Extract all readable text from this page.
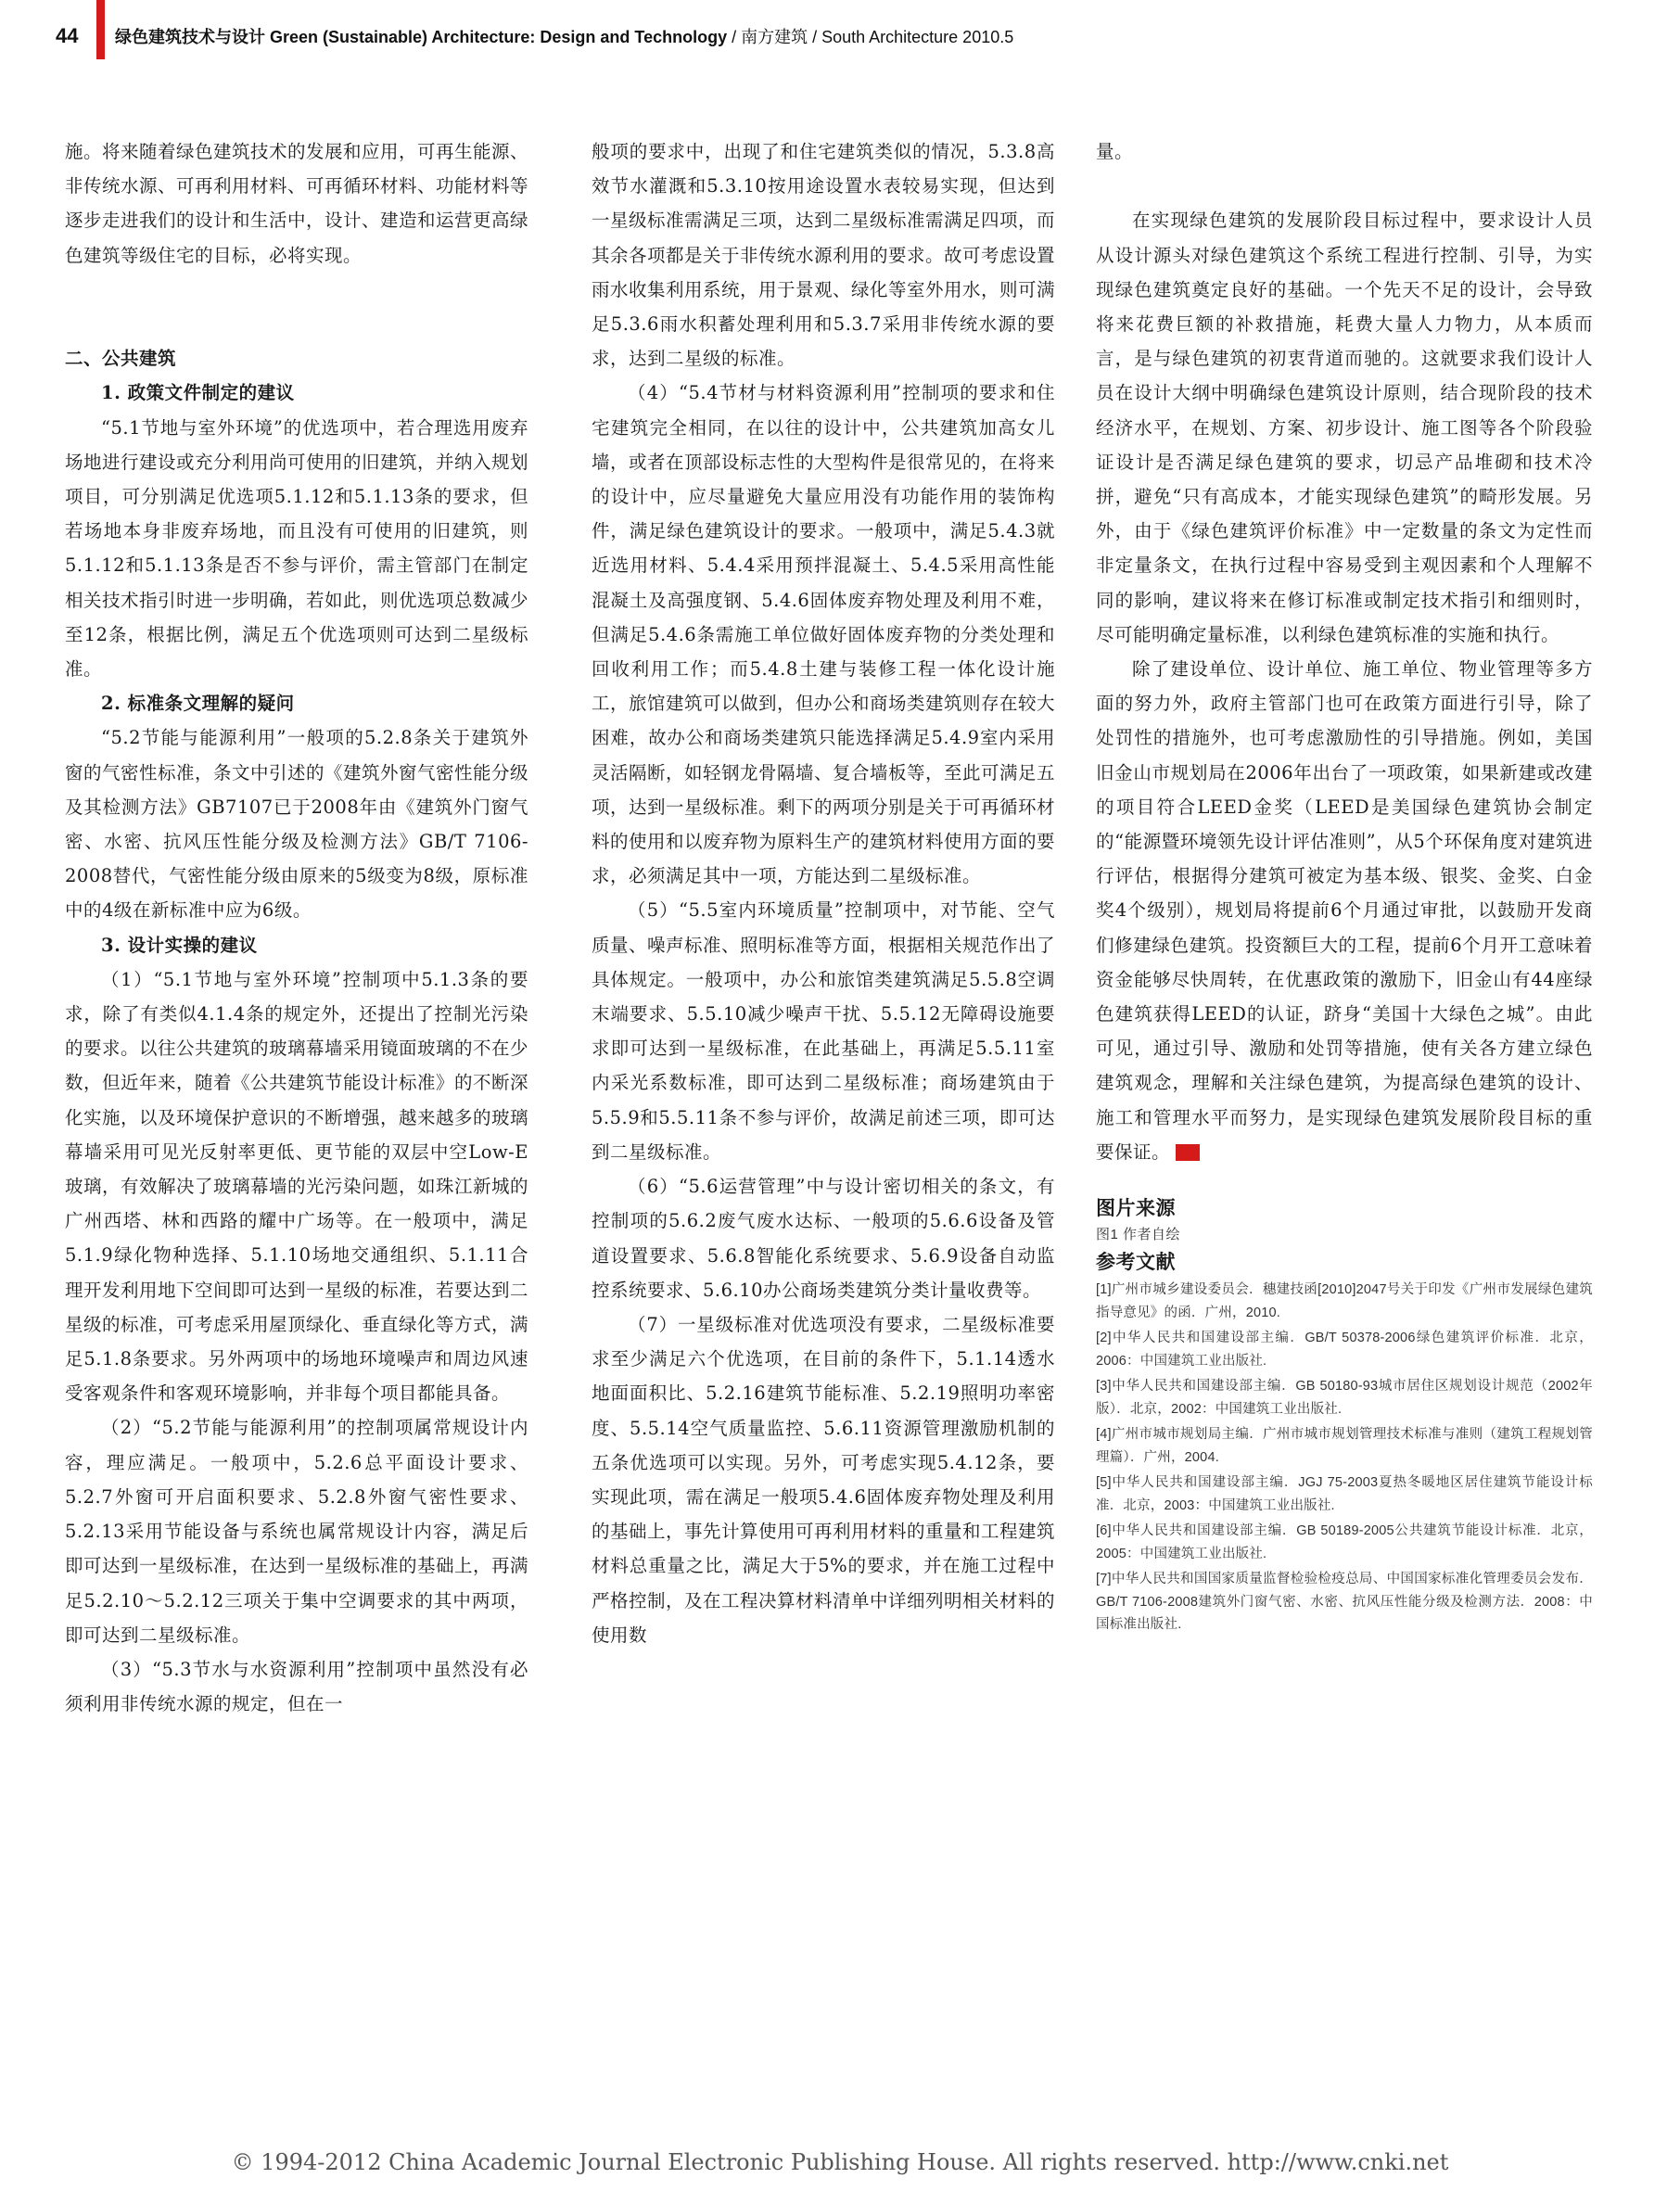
44 绿色建筑技术与设计 Green (Sustainable) Architecture: Design and Technology / 南方建筑 / South Architecture 2010.5

施。将来随着绿色建筑技术的发展和应用，可再生能源、非传统水源、可再利用材料、可再循环材料、功能材料等逐步走进我们的设计和生活中，设计、建造和运营更高绿色建筑等级住宅的目标，必将实现。

二、公共建筑

1. 政策文件制定的建议

“5.1节地与室外环境”的优选项中，若合理选用废弃场地进行建设或充分利用尚可使用的旧建筑，并纳入规划项目，可分别满足优选项5.1.12和5.1.13条的要求，但若场地本身非废弃场地，而且没有可使用的旧建筑，则5.1.12和5.1.13条是否不参与评价，需主管部门在制定相关技术指引时进一步明确，若如此，则优选项总数减少至12条，根据比例，满足五个优选项则可达到二星级标准。

2. 标准条文理解的疑问

“5.2节能与能源利用”一般项的5.2.8条关于建筑外窗的气密性标准，条文中引述的《建筑外窗气密性能分级及其检测方法》GB7107已于2008年由《建筑外门窗气密、水密、抗风压性能分级及检测方法》GB/T 7106-2008替代，气密性能分级由原来的5级变为8级，原标准中的4级在新标准中应为6级。

3. 设计实操的建议

（1）“5.1节地与室外环境”控制项中5.1.3条的要求，除了有类似4.1.4条的规定外，还提出了控制光污染的要求。以往公共建筑的玻璃幕墙采用镜面玻璃的不在少数，但近年来，随着《公共建筑节能设计标准》的不断深化实施，以及环境保护意识的不断增强，越来越多的玻璃幕墙采用可见光反射率更低、更节能的双层中空Low-E玻璃，有效解决了玻璃幕墙的光污染问题，如珠江新城的广州西塔、林和西路的耀中广场等。在一般项中，满足5.1.9绿化物种选择、5.1.10场地交通组织、5.1.11合理开发利用地下空间即可达到一星级的标准，若要达到二星级的标准，可考虑采用屋顶绿化、垂直绿化等方式，满足5.1.8条要求。另外两项中的场地环境噪声和周边风速受客观条件和客观环境影响，并非每个项目都能具备。

（2）“5.2节能与能源利用”的控制项属常规设计内容，理应满足。一般项中，5.2.6总平面设计要求、5.2.7外窗可开启面积要求、5.2.8外窗气密性要求、5.2.13采用节能设备与系统也属常规设计内容，满足后即可达到一星级标准，在达到一星级标准的基础上，再满足5.2.10～5.2.12三项关于集中空调要求的其中两项，即可达到二星级标准。

（3）“5.3节水与水资源利用”控制项中虽然没有必须利用非传统水源的规定，但在一

般项的要求中，出现了和住宅建筑类似的情况，5.3.8高效节水灌溉和5.3.10按用途设置水表较易实现，但达到一星级标准需满足三项，达到二星级标准需满足四项，而其余各项都是关于非传统水源利用的要求。故可考虑设置雨水收集利用系统，用于景观、绿化等室外用水，则可满足5.3.6雨水积蓄处理利用和5.3.7采用非传统水源的要求，达到二星级的标准。

（4）“5.4节材与材料资源利用”控制项的要求和住宅建筑完全相同，在以往的设计中，公共建筑加高女儿墙，或者在顶部设标志性的大型构件是很常见的，在将来的设计中，应尽量避免大量应用没有功能作用的装饰构件，满足绿色建筑设计的要求。一般项中，满足5.4.3就近选用材料、5.4.4采用预拌混凝土、5.4.5采用高性能混凝土及高强度钢、5.4.6固体废弃物处理及利用不难，但满足5.4.6条需施工单位做好固体废弃物的分类处理和回收利用工作；而5.4.8土建与装修工程一体化设计施工，旅馆建筑可以做到，但办公和商场类建筑则存在较大困难，故办公和商场类建筑只能选择满足5.4.9室内采用灵活隔断，如轻钢龙骨隔墙、复合墙板等，至此可满足五项，达到一星级标准。剩下的两项分别是关于可再循环材料的使用和以废弃物为原料生产的建筑材料使用方面的要求，必须满足其中一项，方能达到二星级标准。

（5）“5.5室内环境质量”控制项中，对节能、空气质量、噪声标准、照明标准等方面，根据相关规范作出了具体规定。一般项中，办公和旅馆类建筑满足5.5.8空调末端要求、5.5.10减少噪声干扰、5.5.12无障碍设施要求即可达到一星级标准，在此基础上，再满足5.5.11室内采光系数标准，即可达到二星级标准；商场建筑由于5.5.9和5.5.11条不参与评价，故满足前述三项，即可达到二星级标准。

（6）“5.6运营管理”中与设计密切相关的条文，有控制项的5.6.2废气废水达标、一般项的5.6.6设备及管道设置要求、5.6.8智能化系统要求、5.6.9设备自动监控系统要求、5.6.10办公商场类建筑分类计量收费等。

（7）一星级标准对优选项没有要求，二星级标准要求至少满足六个优选项，在目前的条件下，5.1.14透水地面面积比、5.2.16建筑节能标准、5.2.19照明功率密度、5.5.14空气质量监控、5.6.11资源管理激励机制的五条优选项可以实现。另外，可考虑实现5.4.12条，要实现此项，需在满足一般项5.4.6固体废弃物处理及利用的基础上，事先计算使用可再利用材料的重量和工程建筑材料总重量之比，满足大于5%的要求，并在施工过程中严格控制，及在工程决算材料清单中详细列明相关材料的使用数

量。

在实现绿色建筑的发展阶段目标过程中，要求设计人员从设计源头对绿色建筑这个系统工程进行控制、引导，为实现绿色建筑奠定良好的基础。一个先天不足的设计，会导致将来花费巨额的补救措施，耗费大量人力物力，从本质而言，是与绿色建筑的初衷背道而驰的。这就要求我们设计人员在设计大纲中明确绿色建筑设计原则，结合现阶段的技术经济水平，在规划、方案、初步设计、施工图等各个阶段验证设计是否满足绿色建筑的要求，切忌产品堆砌和技术冷拼，避免“只有高成本，才能实现绿色建筑”的畸形发展。另外，由于《绿色建筑评价标准》中一定数量的条文为定性而非定量条文，在执行过程中容易受到主观因素和个人理解不同的影响，建议将来在修订标准或制定技术指引和细则时，尽可能明确定量标准，以利绿色建筑标准的实施和执行。

除了建设单位、设计单位、施工单位、物业管理等多方面的努力外，政府主管部门也可在政策方面进行引导，除了处罚性的措施外，也可考虑激励性的引导措施。例如，美国旧金山市规划局在2006年出台了一项政策，如果新建或改建的项目符合LEED金奖（LEED是美国绿色建筑协会制定的“能源暨环境领先设计评估准则”，从5个环保角度对建筑进行评估，根据得分建筑可被定为基本级、银奖、金奖、白金奖4个级别），规划局将提前6个月通过审批，以鼓励开发商们修建绿色建筑。投资额巨大的工程，提前6个月开工意味着资金能够尽快周转，在优惠政策的激励下，旧金山有44座绿色建筑获得LEED的认证，跻身“美国十大绿色之城”。由此可见，通过引导、激励和处罚等措施，使有关各方建立绿色建筑观念，理解和关注绿色建筑，为提高绿色建筑的设计、施工和管理水平而努力，是实现绿色建筑发展阶段目标的重要保证。

图片来源

图1 作者自绘

参考文献

[1]广州市城乡建设委员会．穗建技函[2010]2047号关于印发《广州市发展绿色建筑指导意见》的函．广州，2010.
[2]中华人民共和国建设部主编．GB/T 50378-2006绿色建筑评价标准．北京，2006：中国建筑工业出版社.
[3]中华人民共和国建设部主编．GB 50180-93城市居住区规划设计规范（2002年版）．北京，2002：中国建筑工业出版社.
[4]广州市城市规划局主编．广州市城市规划管理技术标准与准则（建筑工程规划管理篇）．广州，2004.
[5]中华人民共和国建设部主编．JGJ 75-2003夏热冬暖地区居住建筑节能设计标准．北京，2003：中国建筑工业出版社.
[6]中华人民共和国建设部主编．GB 50189-2005公共建筑节能设计标准．北京，2005：中国建筑工业出版社.
[7]中华人民共和国国家质量监督检验检疫总局、中国国家标准化管理委员会发布．GB/T 7106-2008建筑外门窗气密、水密、抗风压性能分级及检测方法．2008：中国标准出版社.
© 1994-2012 China Academic Journal Electronic Publishing House. All rights reserved. http://www.cnki.net
